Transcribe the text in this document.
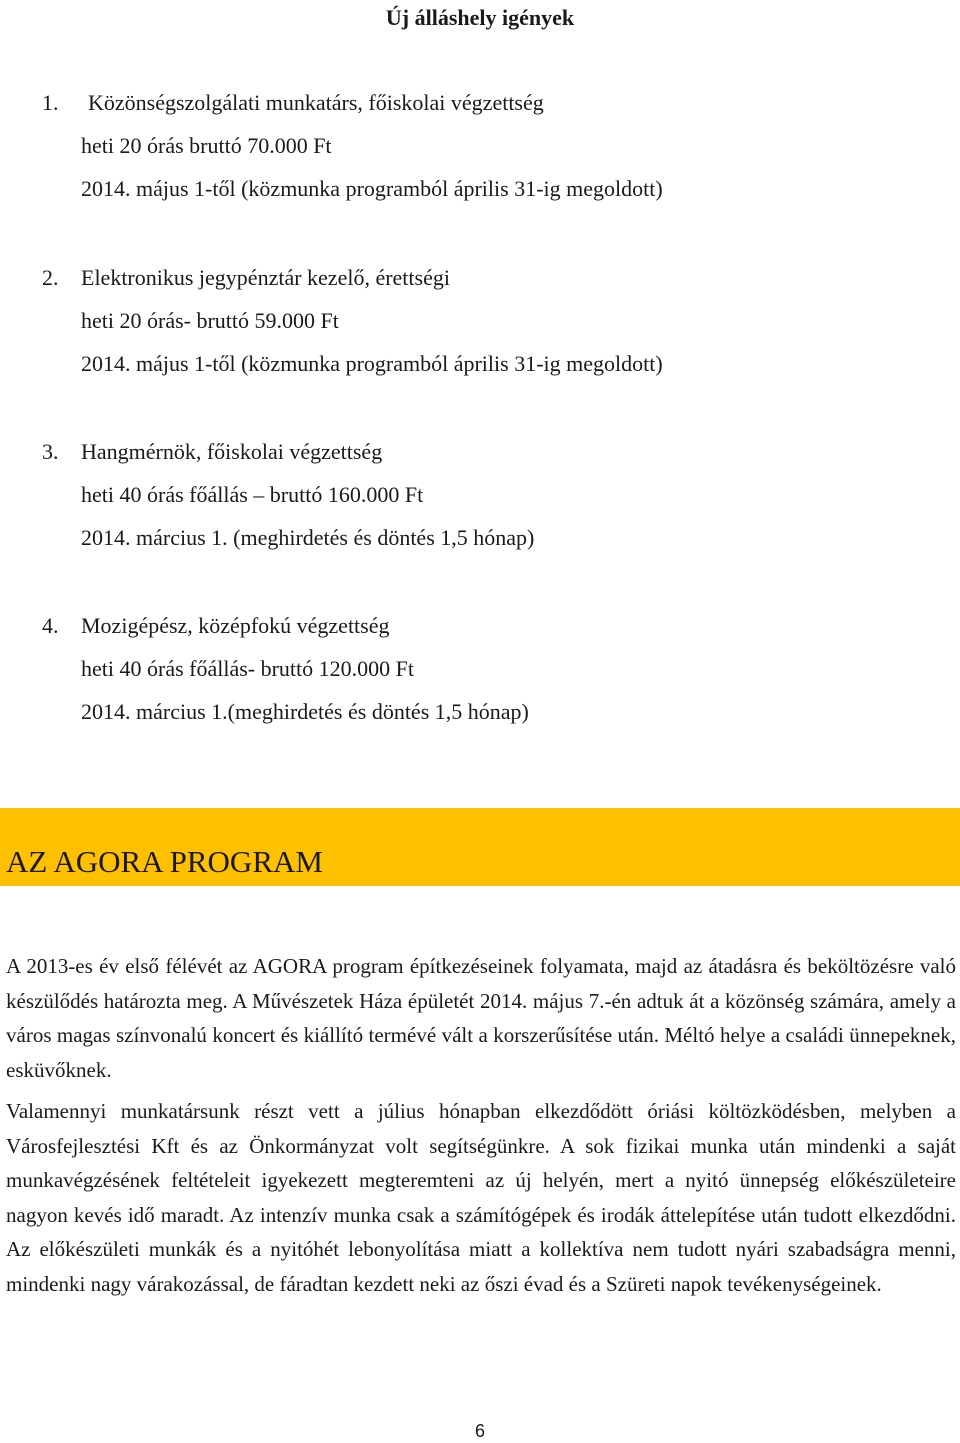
Új álláshely igények
1. Közönségszolgálati munkatárs, főiskolai végzettség
heti 20 órás bruttó 70.000 Ft
2014. május 1-től (közmunka programból április 31-ig megoldott)
2. Elektronikus jegypénztár kezelő, érettségi
heti 20 órás- bruttó 59.000 Ft
2014. május 1-től (közmunka programból április 31-ig megoldott)
3. Hangmérnök, főiskolai végzettség
heti 40 órás főállás – bruttó 160.000 Ft
2014. március 1. (meghirdetés és döntés 1,5 hónap)
4. Mozigépész, középfokú végzettség
heti 40 órás főállás- bruttó 120.000 Ft
2014. március 1.(meghirdetés és döntés 1,5 hónap)
AZ AGORA PROGRAM
A 2013-es év első félévét az AGORA program építkezéseinek folyamata, majd az átadásra és beköltözésre való készülődés határozta meg. A Művészetek Háza épületét 2014. május 7.-én adtuk át a közönség számára, amely a város magas színvonalú koncert és kiállító termévé vált a korszerűsítése után. Méltó helye a családi ünnepeknek, esküvőknek.
Valamennyi munkatársunk részt vett a július hónapban elkezdődött óriási költözködésben, melyben a Városfejlesztési Kft és az Önkormányzat volt segítségünkre. A sok fizikai munka után mindenki a saját munkavégzésének feltételeit igyekezett megteremteni az új helyén, mert a nyitó ünnepség előkészületeire nagyon kevés idő maradt. Az intenzív munka csak a számítógépek és irodák áttelepítése után tudott elkezdődni. Az előkészületi munkák és a nyitóhét lebonyolítása miatt a kollektíva nem tudott nyári szabadságra menni, mindenki nagy várakozással, de fáradtan kezdett neki az őszi évad és a Szüreti napok tevékenységeinek.
6
